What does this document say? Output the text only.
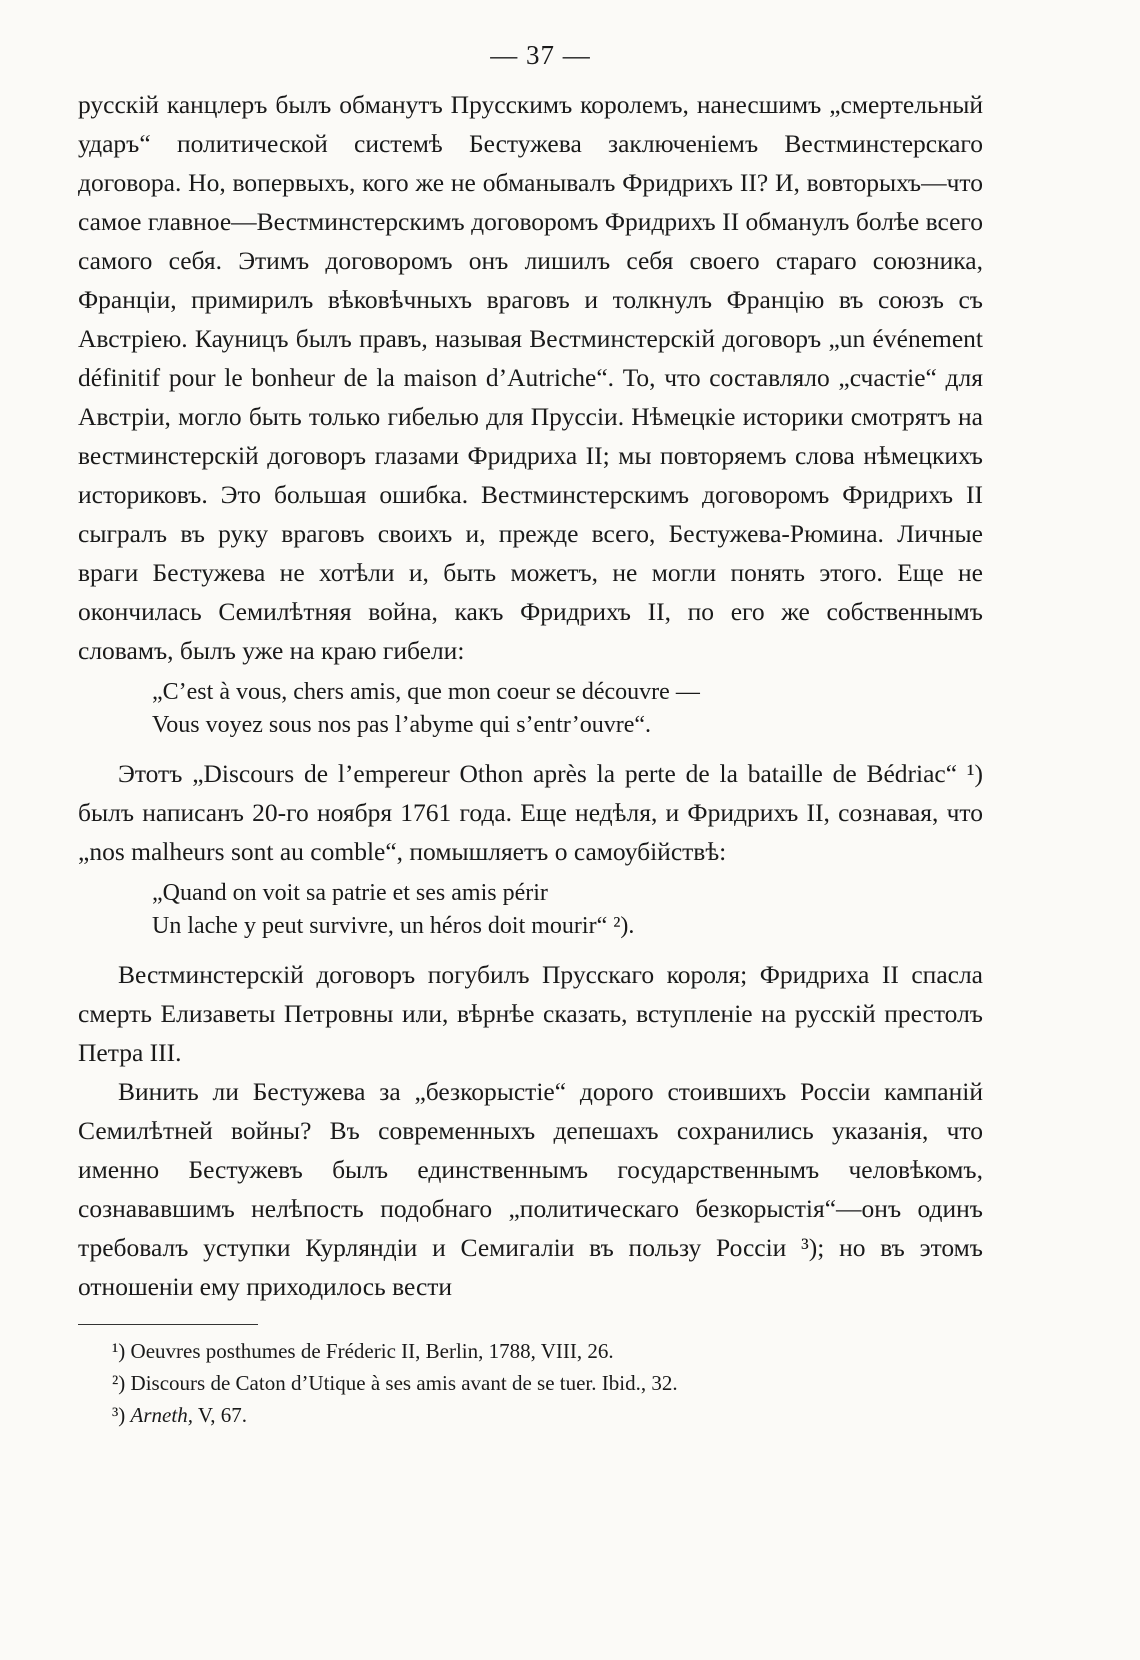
— 37 —

русскій канцлеръ былъ обманутъ Прусскимъ королемъ, нанесшимъ „смертельный ударъ“ политической системѣ Бестужева заключеніемъ Вестминстерскаго договора. Но, вопервыхъ, кого же не обманывалъ Фридрихъ II? И, вовторыхъ—что самое главное—Вестминстерскимъ договоромъ Фридрихъ II обманулъ болѣе всего самого себя. Этимъ договоромъ онъ лишилъ себя своего стараго союзника, Франціи, примирилъ вѣковѣчныхъ враговъ и толкнулъ Францію въ союзъ съ Австріею. Кауницъ былъ правъ, называя Вестминстерскій договоръ „un événement définitif pour le bonheur de la maison d’Autriche“. То, что составляло „счастіе“ для Австріи, могло быть только гибелью для Пруссіи. Нѣмецкіе историки смотрятъ на вестминстерскій договоръ глазами Фридриха II; мы повторяемъ слова нѣмецкихъ историковъ. Это большая ошибка. Вестминстерскимъ договоромъ Фридрихъ II сыгралъ въ руку враговъ своихъ и, прежде всего, Бестужева-Рюмина. Личные враги Бестужева не хотѣли и, быть можетъ, не могли понять этого. Еще не окончилась Семилѣтняя война, какъ Фридрихъ II, по его же собственнымъ словамъ, былъ уже на краю гибели:

„C’est à vous, chers amis, que mon coeur se découvre —
Vous voyez sous nos pas l’abyme qui s’entr’ouvre“.

Этотъ „Discours de l’empereur Othon après la perte de la bataille de Bédriac“ ¹) былъ написанъ 20-го ноября 1761 года. Еще недѣля, и Фридрихъ II, сознавая, что „nos malheurs sont au comble“, помышляетъ о самоубійствѣ:

„Quand on voit sa patrie et ses amis périr
Un lache y peut survivre, un héros doit mourir“ ²).

Вестминстерскій договоръ погубилъ Прусскаго короля; Фридриха II спасла смерть Елизаветы Петровны или, вѣрнѣе сказать, вступленіе на русскій престолъ Петра III.

Винить ли Бестужева за „безкорыстіе“ дорого стоившихъ Россіи кампаній Семилѣтней войны? Въ современныхъ депешахъ сохранились указанія, что именно Бестужевъ былъ единственнымъ государственнымъ человѣкомъ, сознававшимъ нелѣпость подобнаго „политическаго безкорыстія“—онъ одинъ требовалъ уступки Курляндіи и Семигаліи въ пользу Россіи ³); но въ этомъ отношеніи ему приходилось вести

¹) Oeuvres posthumes de Fréderic II, Berlin, 1788, VIII, 26.
²) Discours de Caton d’Utique à ses amis avant de se tuer. Ibid., 32.
³) Arneth, V, 67.
